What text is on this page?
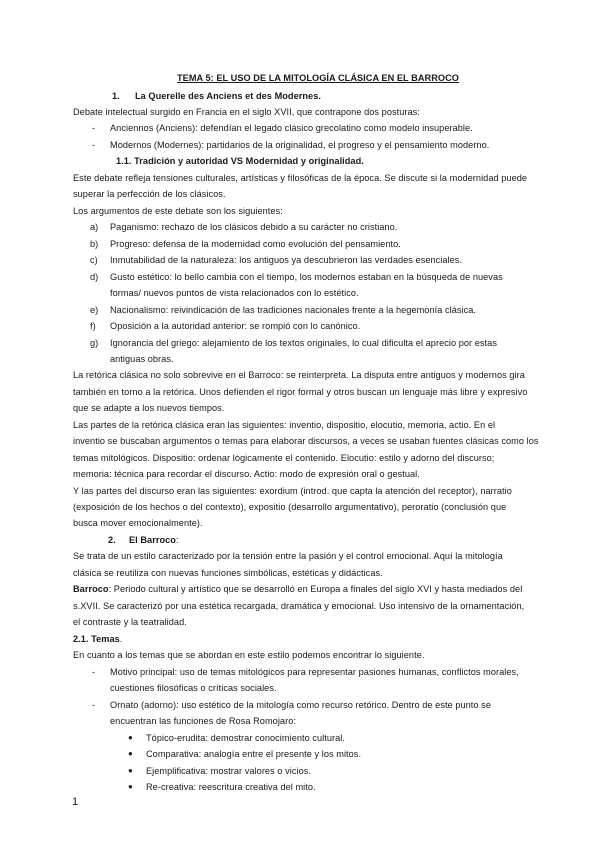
TEMA 5: EL USO DE LA MITOLOGÍA CLÁSICA EN EL BARROCO
1. La Querelle des Anciens et des Modernes.
Debate intelectual surgido en Francia en el siglo XVII, que contrapone dos posturas:
- Anciennos (Anciens): defendían el legado clásico grecolatino como modelo insuperable.
- Modernos (Modernes): partidarios de la originalidad, el progreso y el pensamiento moderno.
1.1. Tradición y autoridad VS Modernidad y originalidad.
Este debate refleja tensiones culturales, artísticas y filosóficas de la época. Se discute si la modernidad puede
superar la perfección de los clásicos.
Los argumentos de este debate son los siguientes:
a) Paganismo: rechazo de los clásicos debido a su carácter no cristiano.
b) Progreso: defensa de la modernidad como evolución del pensamiento.
c) Inmutabilidad de la naturaleza: los antiguos ya descubrieron las verdades esenciales.
d) Gusto estético: lo bello cambia con el tiempo, los modernos estaban en la búsqueda de nuevas
formas/ nuevos puntos de vista relacionados con lo estético.
e) Nacionalismo: reivindicación de las tradiciones nacionales frente a la hegemonía clásica.
f) Oposición a la autoridad anterior: se rompió con lo canónico.
g) Ignorancia del griego: alejamiento de los textos originales, lo cual dificulta el aprecio por estas
antiguas obras.
La retórica clásica no solo sobrevive en el Barroco: se reinterpreta. La disputa entre antiguos y modernos gira
también en torno a la retórica. Unos defienden el rigor formal y otros buscan un lenguaje más libre y expresivo
que se adapte a los nuevos tiempos.
Las partes de la retórica clásica eran las siguientes: inventio, dispositio, elocutio, memoria, actio. En el
inventio se buscaban argumentos o temas para elaborar discursos, a veces se usaban fuentes clásicas como los
temas mitológicos. Dispositio: ordenar lógicamente el contenido. Elocutio: estilo y adorno del discurso;
memoria: técnica para recordar el discurso. Actio: modo de expresión oral o gestual.
Y las partes del discurso eran las siguientes: exordium (introd. que capta la atención del receptor), narratio
(exposición de los hechos o del contexto), expositio (desarrollo argumentativo), peroratio (conclusión que
busca mover emocionalmente).
2. El Barroco:
Se trata de un estilo caracterizado por la tensión entre la pasión y el control emocional. Aquí la mitología
clásica se reutiliza con nuevas funciones simbólicas, estéticas y didácticas.
Barroco: Periodo cultural y artístico que se desarrolló en Europa a finales del siglo XVI y hasta mediados del
s.XVII. Se caracterizó por una estética recargada, dramática y emocional. Uso intensivo de la ornamentación,
el contraste y la teatralidad.
2.1. Temas.
En cuanto a los temas que se abordan en este estilo podemos encontrar lo siguiente.
- Motivo principal: uso de temas mitológicos para representar pasiones humanas, conflictos morales,
cuestiones filosóficas o críticas sociales.
- Ornato (adorno): uso estético de la mitología como recurso retórico. Dentro de este punto se
encuentran las funciones de Rosa Romojaro:
● Tópico-erudita: demostrar conocimiento cultural.
● Comparativa: analogía entre el presente y los mitos.
● Ejemplificativa: mostrar valores o vicios.
● Re-creativa: reescritura creativa del mito.
1
